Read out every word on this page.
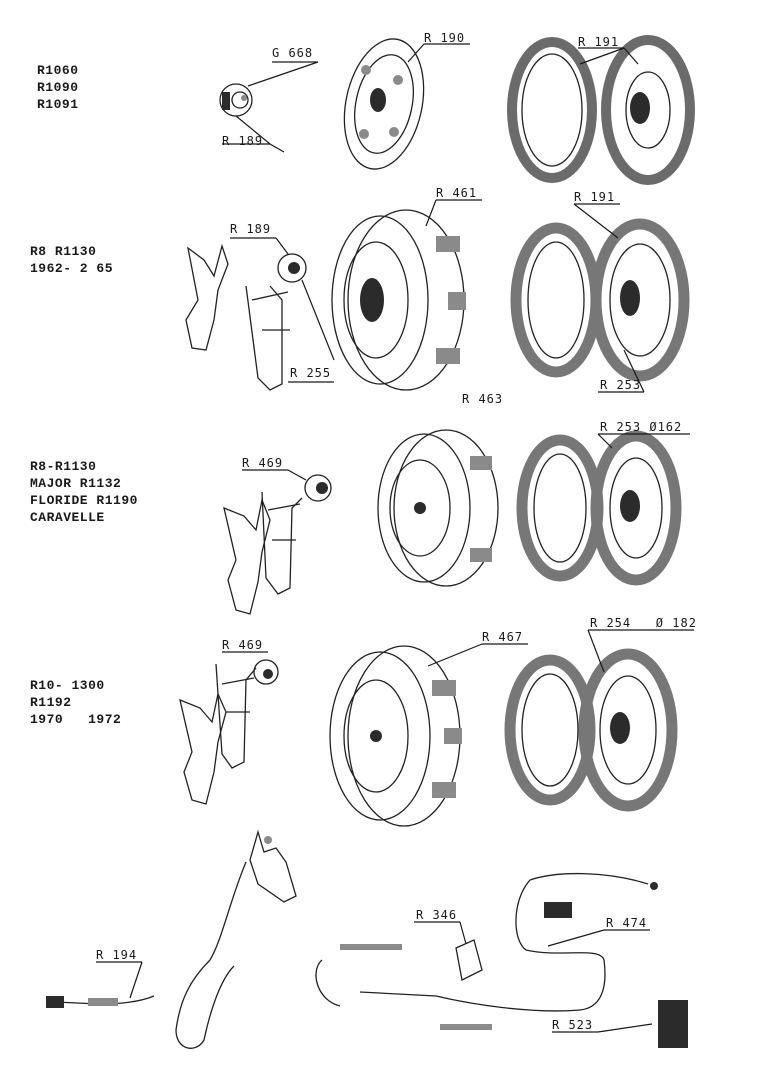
R1060
R1090
R1091
R8 R1130
1962- 2 65
R8-R1130
MAJOR R1132
FLORIDE R1190
CARAVELLE
R10- 1300
R1192
1970   1972
G 668
R 189
R 190	R 191
R 189
R 255
R 461
R 463
R 191
R 253
R 469
R 253 Ø162
R 469
R 467
R 254   Ø 182
R 194
R 346
R 474
R 523
